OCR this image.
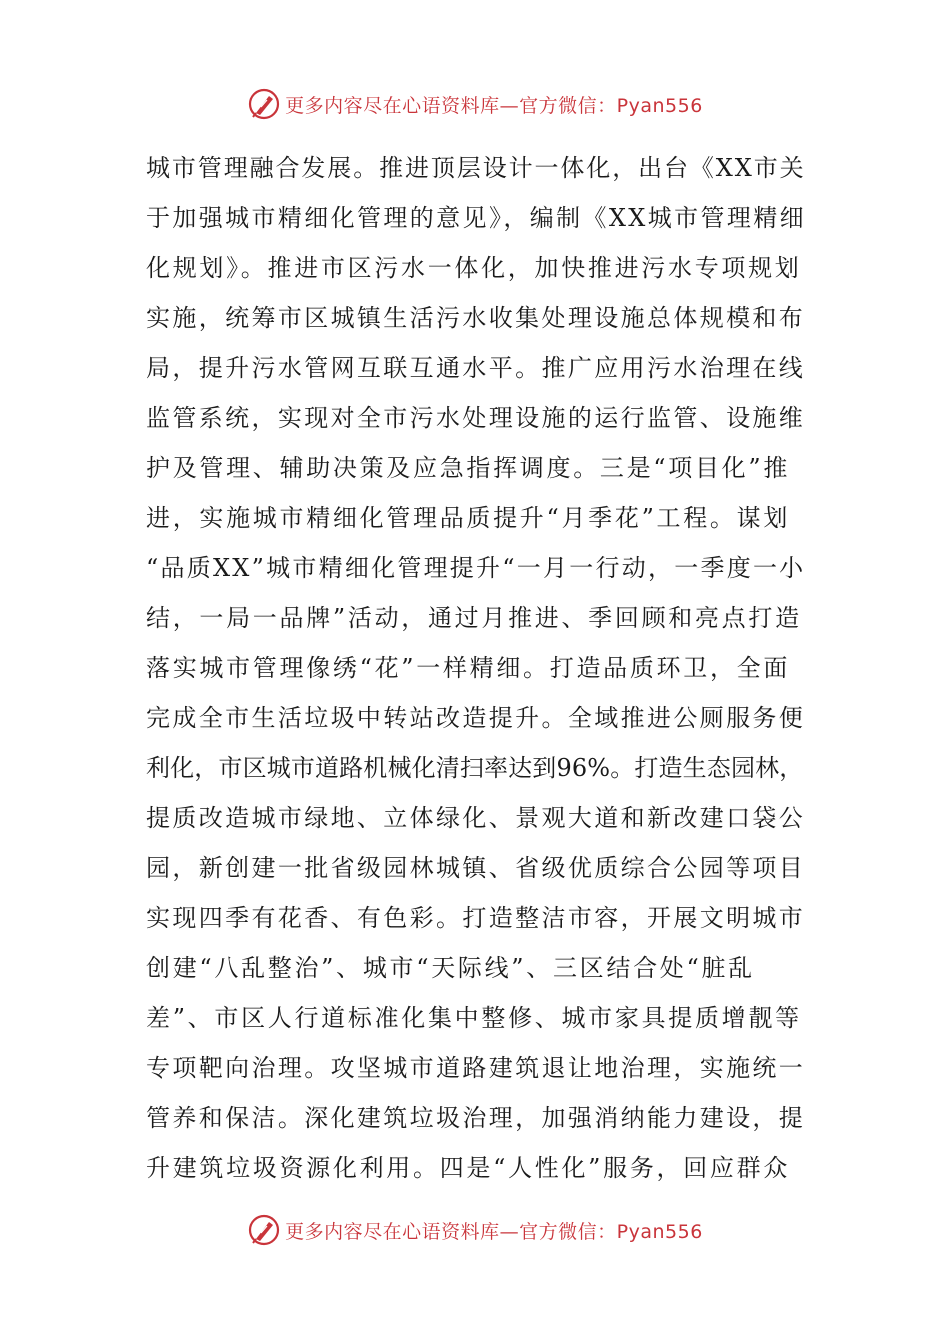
更多内容尽在心语资料库—官方微信：Pyan556
城市管理融合发展。推进顶层设计一体化，出台《XX市关
于加强城市精细化管理的意见》，编制《XX城市管理精细
化规划》。推进市区污水一体化，加快推进污水专项规划
实施，统筹市区城镇生活污水收集处理设施总体规模和布
局，提升污水管网互联互通水平。推广应用污水治理在线
监管系统，实现对全市污水处理设施的运行监管、设施维
护及管理、辅助决策及应急指挥调度。三是“项目化”推
进，实施城市精细化管理品质提升“月季花”工程。谋划
“品质XX”城市精细化管理提升“一月一行动，一季度一小
结，一局一品牌”活动，通过月推进、季回顾和亮点打造
落实城市管理像绣“花”一样精细。打造品质环卫，全面
完成全市生活垃圾中转站改造提升。全域推进公厕服务便
利化，市区城市道路机械化清扫率达到96%。打造生态园林，
提质改造城市绿地、立体绿化、景观大道和新改建口袋公
园，新创建一批省级园林城镇、省级优质综合公园等项目
实现四季有花香、有色彩。打造整洁市容，开展文明城市
创建“八乱整治”、城市“天际线”、三区结合处“脏乱
差”、市区人行道标准化集中整修、城市家具提质增靓等
专项靶向治理。攻坚城市道路建筑退让地治理，实施统一
管养和保洁。深化建筑垃圾治理，加强消纳能力建设，提
升建筑垃圾资源化利用。四是“人性化”服务，回应群众
更多内容尽在心语资料库—官方微信：Pyan556
